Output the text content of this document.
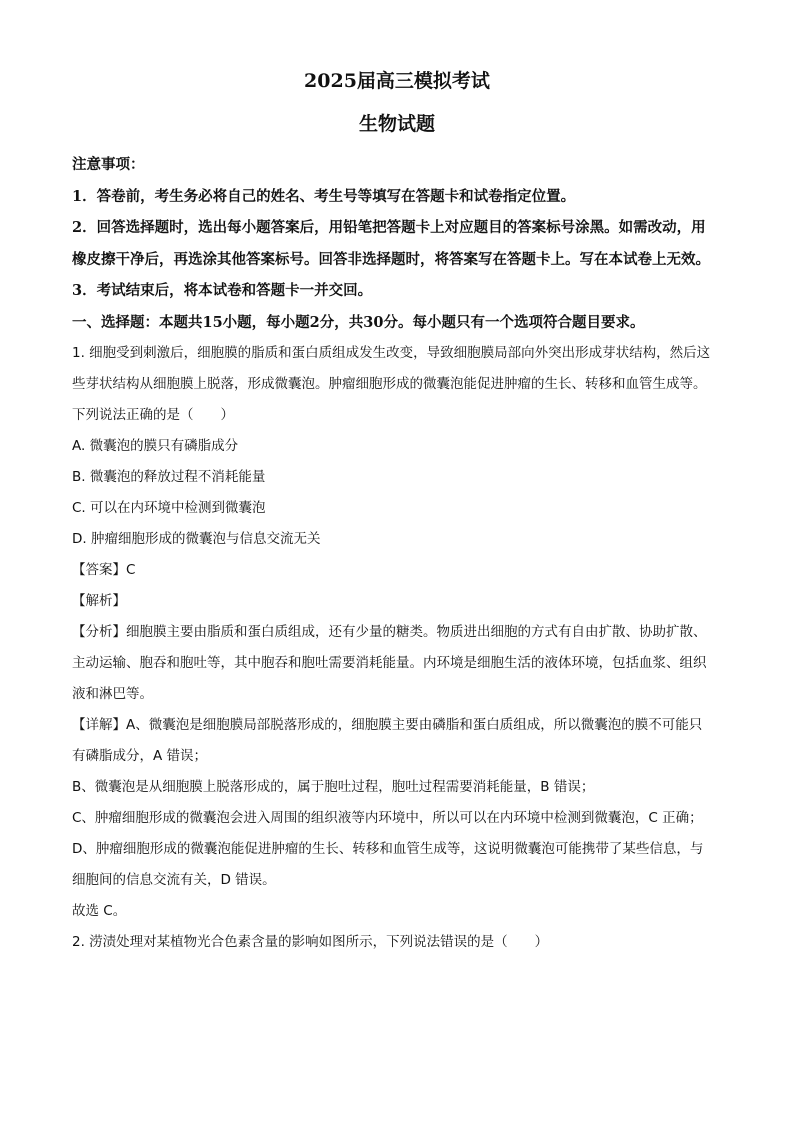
2025届高三模拟考试
生物试题

注意事项：

1．答卷前，考生务必将自己的姓名、考生号等填写在答题卡和试卷指定位置。

2．回答选择题时，选出每小题答案后，用铅笔把答题卡上对应题目的答案标号涂黑。如需改动，用橡皮擦干净后，再选涂其他答案标号。回答非选择题时，将答案写在答题卡上。写在本试卷上无效。

3．考试结束后，将本试卷和答题卡一并交回。

一、选择题：本题共15小题，每小题2分，共30分。每小题只有一个选项符合题目要求。

1. 细胞受到刺激后，细胞膜的脂质和蛋白质组成发生改变，导致细胞膜局部向外突出形成芽状结构，然后这些芽状结构从细胞膜上脱落，形成微囊泡。肿瘤细胞形成的微囊泡能促进肿瘤的生长、转移和血管生成等。下列说法正确的是（　　）

A. 微囊泡的膜只有磷脂成分

B. 微囊泡的释放过程不消耗能量

C. 可以在内环境中检测到微囊泡

D. 肿瘤细胞形成的微囊泡与信息交流无关

【答案】C

【解析】

【分析】细胞膜主要由脂质和蛋白质组成，还有少量的糖类。物质进出细胞的方式有自由扩散、协助扩散、主动运输、胞吞和胞吐等，其中胞吞和胞吐需要消耗能量。内环境是细胞生活的液体环境，包括血浆、组织液和淋巴等。

【详解】A、微囊泡是细胞膜局部脱落形成的，细胞膜主要由磷脂和蛋白质组成，所以微囊泡的膜不可能只有磷脂成分，A 错误；

B、微囊泡是从细胞膜上脱落形成的，属于胞吐过程，胞吐过程需要消耗能量，B 错误；

C、肿瘤细胞形成的微囊泡会进入周围的组织液等内环境中，所以可以在内环境中检测到微囊泡，C 正确；

D、肿瘤细胞形成的微囊泡能促进肿瘤的生长、转移和血管生成等，这说明微囊泡可能携带了某些信息，与细胞间的信息交流有关，D 错误。

故选 C。

2. 涝渍处理对某植物光合色素含量的影响如图所示，下列说法错误的是（　　）
